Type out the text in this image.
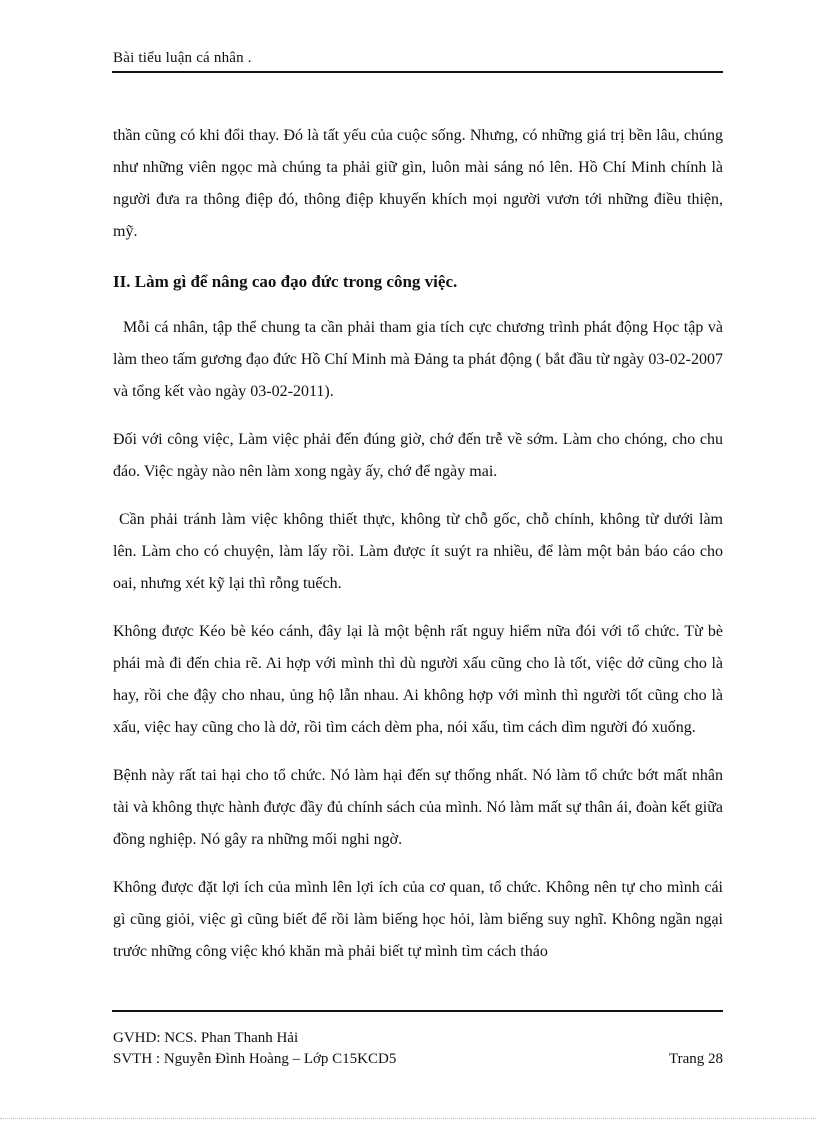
Bài tiểu luận cá nhân .

thần cũng có khi đổi thay. Đó là tất yếu của cuộc sống. Nhưng, có những giá trị bền lâu, chúng như những viên ngọc mà chúng ta phải giữ gìn, luôn mài sáng nó lên. Hồ Chí Minh chính là người đưa ra thông điệp đó, thông điệp khuyến khích mọi người vươn tới những điều thiện, mỹ.

II. Làm gì để nâng cao đạo đức trong công việc.

Mỗi cá nhân, tập thể chung ta cần phải tham gia tích cực chương trình phát động Học tập và làm theo tấm gương đạo đức Hồ Chí Minh mà Đảng ta phát động ( bắt đầu từ ngày 03-02-2007 và tổng kết vào ngày 03-02-2011).

Đối với công việc, Làm việc phải đến đúng giờ, chớ đến trễ về sớm. Làm cho chóng, cho chu đáo. Việc ngày nào nên làm xong ngày ấy, chớ để ngày mai.

Cần phải tránh làm việc không thiết thực, không từ chỗ gốc, chỗ chính, không từ dưới làm lên. Làm cho có chuyện, làm lấy rồi. Làm được ít suýt ra nhiều, để làm một bản báo cáo cho oai, nhưng xét kỹ lại thì rỗng tuếch.

Không được Kéo bè kéo cánh, đây lại là một bệnh rất nguy hiểm nữa đói với tổ chức. Từ bè phái mà đi đến chia rẽ. Ai hợp với mình thì dù người xấu cũng cho là tốt, việc dở cũng cho là hay, rồi che đậy cho nhau, ủng hộ lẫn nhau. Ai không hợp với mình thì người tốt cũng cho là xấu, việc hay cũng cho là dở, rồi tìm cách dèm pha, nói xấu, tìm cách dìm người đó xuống.

Bệnh này rất tai hại cho tổ chức. Nó làm hại đến sự thống nhất. Nó làm tổ chức bớt mất nhân tài và không thực hành được đầy đủ chính sách của mình. Nó làm mất sự thân ái, đoàn kết giữa đồng nghiệp. Nó gây ra những mối nghi ngờ.

Không được đặt lợi ích của mình lên lợi ích của cơ quan, tổ chức. Không nên tự cho mình cái gì cũng giỏi, việc gì cũng biết để rồi làm biếng học hỏi, làm biếng suy nghĩ. Không ngần ngại trước những công việc khó khăn mà phải biết tự mình tìm cách tháo

GVHD: NCS. Phan Thanh Hải
SVTH : Nguyễn Đình Hoàng – Lớp C15KCD5	Trang 28
